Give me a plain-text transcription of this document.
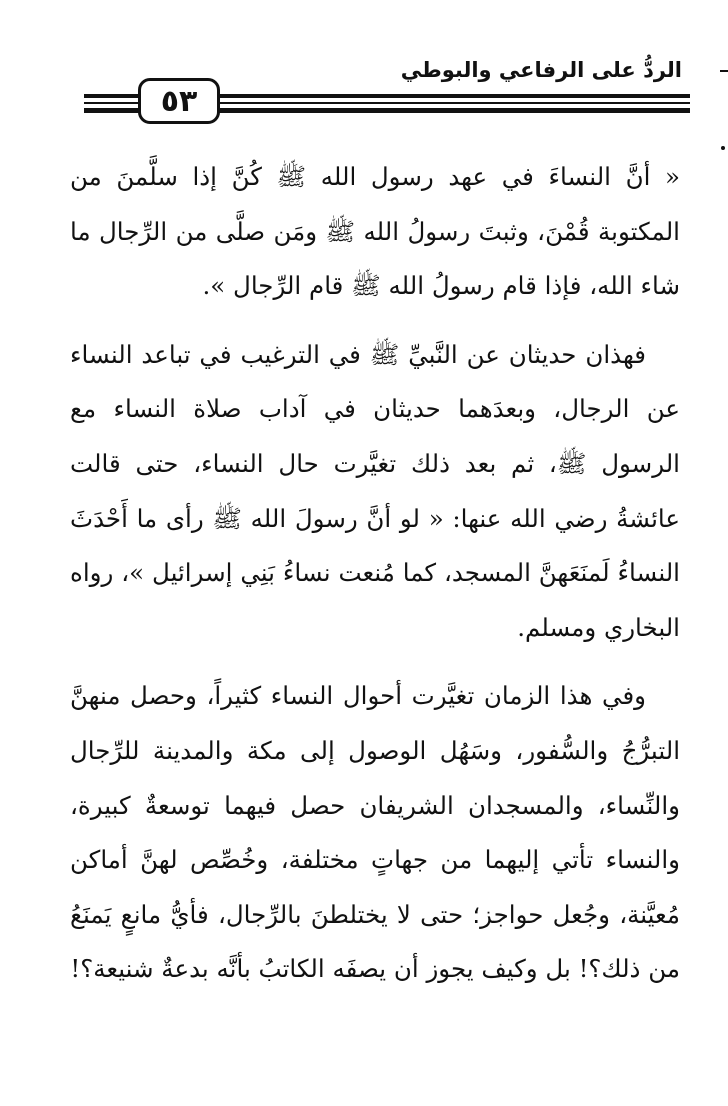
الردُّ على الرفاعي والبوطي
٥٣

« أنَّ النساءَ في عهد رسول الله ﷺ كُنَّ إذا سلَّمنَ من المكتوبة قُمْنَ، وثبتَ رسولُ الله ﷺ ومَن صلَّى من الرِّجال ما شاء الله، فإذا قام رسولُ الله ﷺ قام الرِّجال ».

فهذان حديثان عن النَّبيِّ ﷺ في الترغيب في تباعد النساء عن الرجال، وبعدَهما حديثان في آداب صلاة النساء مع الرسول ﷺ، ثم بعد ذلك تغيَّرت حال النساء، حتى قالت عائشةُ رضي الله عنها: « لو أنَّ رسولَ الله ﷺ رأى ما أَحْدَثَ النساءُ لَمنَعَهنَّ المسجد، كما مُنعت نساءُ بَنِي إسرائيل »، رواه البخاري ومسلم.

وفي هذا الزمان تغيَّرت أحوال النساء كثيراً، وحصل منهنَّ التبرُّجُ والسُّفور، وسَهُل الوصول إلى مكة والمدينة للرِّجال والنِّساء، والمسجدان الشريفان حصل فيهما توسعةٌ كبيرة، والنساء تأتي إليهما من جهاتٍ مختلفة، وخُصِّص لهنَّ أماكن مُعيَّنة، وجُعل حواجز؛ حتى لا يختلطنَ بالرِّجال، فأيُّ مانعٍ يَمنَعُ من ذلك؟! بل وكيف يجوز أن يصفَه الكاتبُ بأنَّه بدعةٌ شنيعة؟!
